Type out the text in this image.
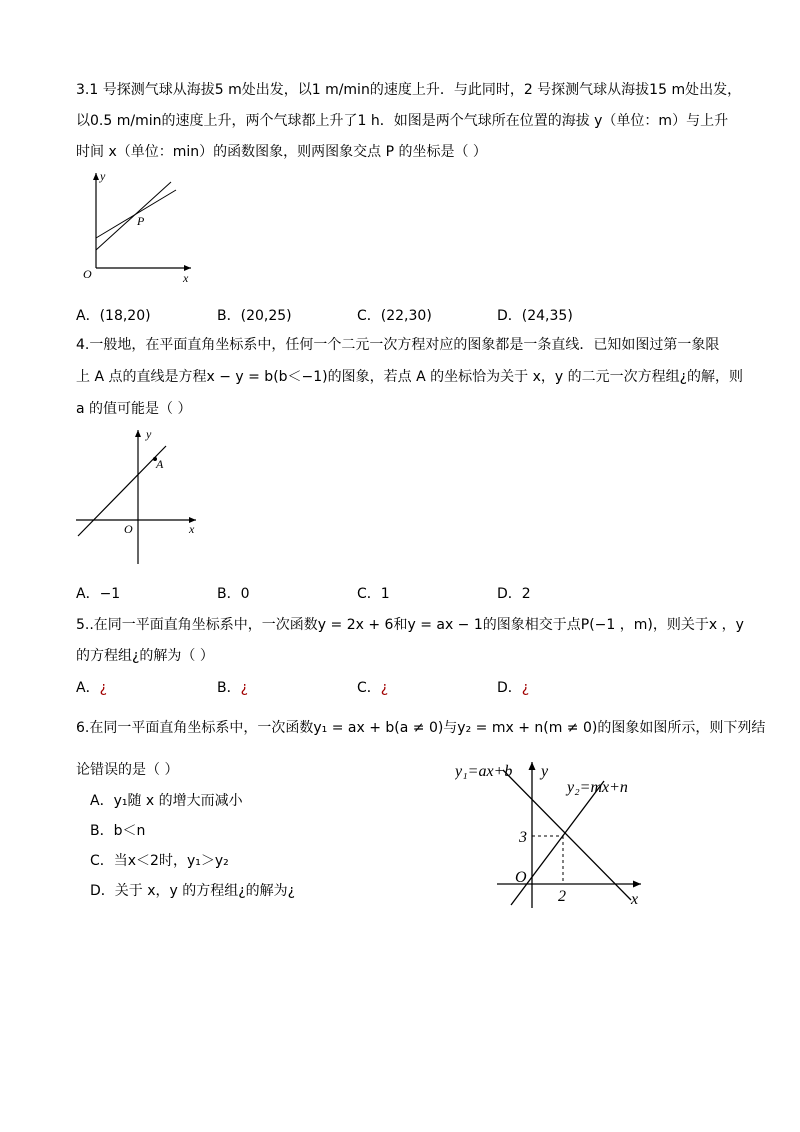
3.1 号探测气球从海拔5 m处出发，以1 m/min的速度上升．与此同时，2 号探测气球从海拔15 m处出发，
以0.5 m/min的速度上升，两个气球都上升了1 h．如图是两个气球所在位置的海拔 y（单位：m）与上升
时间 x（单位：min）的函数图象，则两图象交点 P 的坐标是（ ）
y
x
O
P
A．(18,20)	B．(20,25)	C．(22,30)	D．(24,35)
4.一般地，在平面直角坐标系中，任何一个二元一次方程对应的图象都是一条直线．已知如图过第一象限
上 A 点的直线是方程x − y = b(b＜−1)的图象，若点 A 的坐标恰为关于 x，y 的二元一次方程组¿的解，则
a 的值可能是（ ）
y
x
O
A
A．−1	B．0	C．1	D．2
5..在同一平面直角坐标系中，一次函数y = 2x + 6和y = ax − 1的图象相交于点P(−1 ，m)，则关于x ，y
的方程组¿的解为（ ）
A．¿	B．¿	C．¿	D．¿
6.在同一平面直角坐标系中，一次函数y₁ = ax + b(a ≠ 0)与y₂ = mx + n(m ≠ 0)的图象如图所示，则下列结
论错误的是（ ）
A．y₁随 x 的增大而减小
B．b＜n
C．当x＜2时，y₁＞y₂
D．关于 x，y 的方程组¿的解为¿
y₁=ax+b
y₂=mx+n
y
x
O
3
2
